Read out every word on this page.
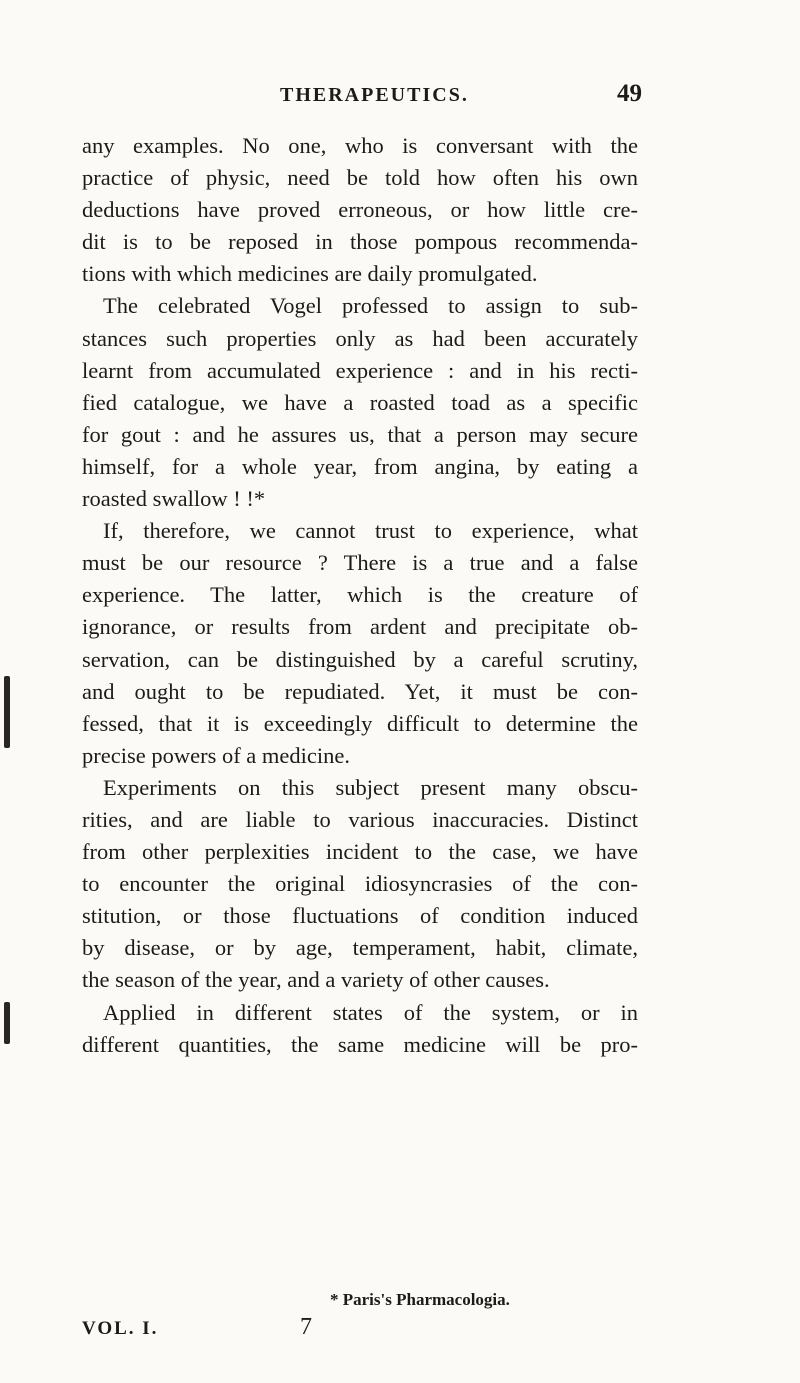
THERAPEUTICS.	49
any examples. No one, who is conversant with the
practice of physic, need be told how often his own
deductions have proved erroneous, or how little cre-
dit is to be reposed in those pompous recommenda-
tions with which medicines are daily promulgated.
The celebrated Vogel professed to assign to sub-
stances such properties only as had been accurately
learnt from accumulated experience : and in his recti-
fied catalogue, we have a roasted toad as a specific
for gout : and he assures us, that a person may secure
himself, for a whole year, from angina, by eating a
roasted swallow ! !*
If, therefore, we cannot trust to experience, what
must be our resource ? There is a true and a false
experience. The latter, which is the creature of
ignorance, or results from ardent and precipitate ob-
servation, can be distinguished by a careful scrutiny,
and ought to be repudiated. Yet, it must be con-
fessed, that it is exceedingly difficult to determine the
precise powers of a medicine.
Experiments on this subject present many obscu-
rities, and are liable to various inaccuracies. Distinct
from other perplexities incident to the case, we have
to encounter the original idiosyncrasies of the con-
stitution, or those fluctuations of condition induced
by disease, or by age, temperament, habit, climate,
the season of the year, and a variety of other causes.
Applied in different states of the system, or in
different quantities, the same medicine will be pro-
* Paris's Pharmacologia.
VOL. I.	7
